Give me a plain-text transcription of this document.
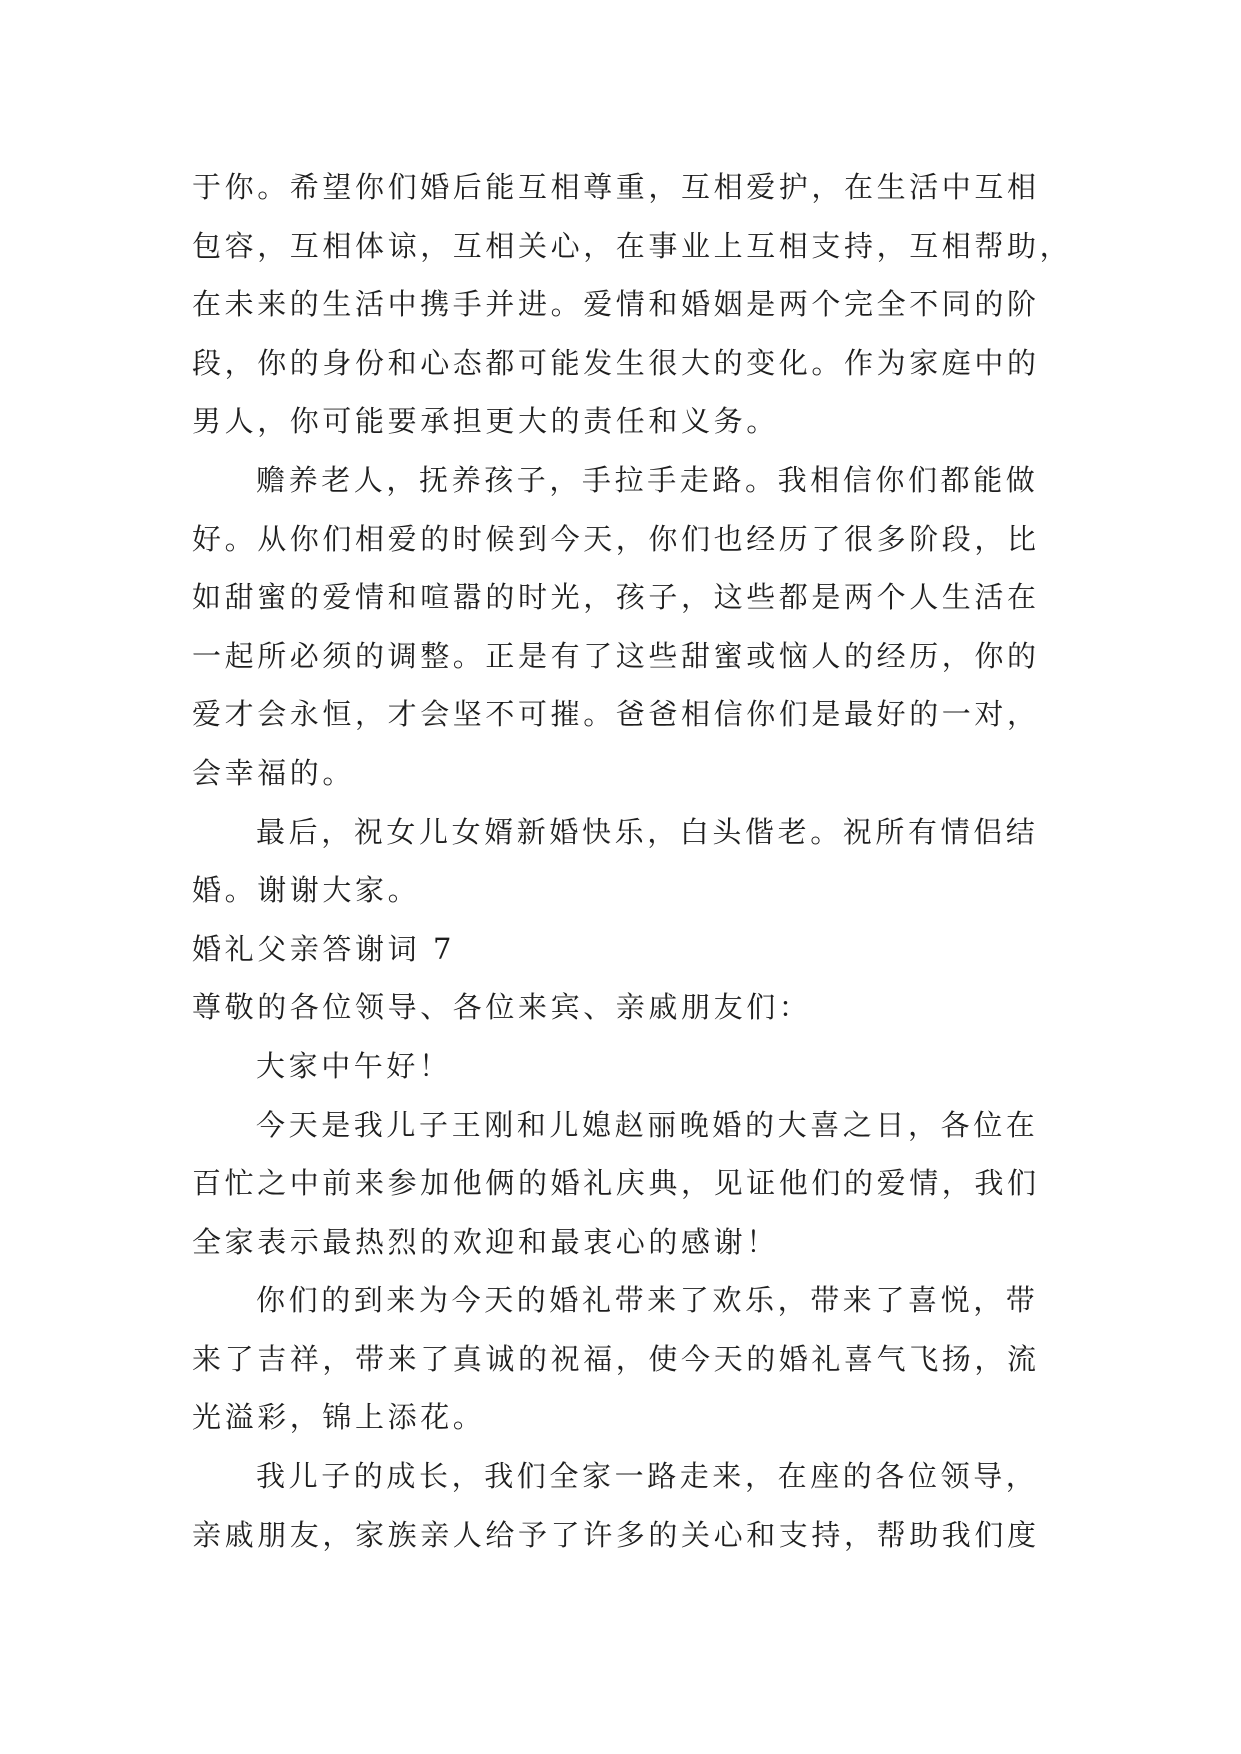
于你。希望你们婚后能互相尊重，互相爱护，在生活中互相
包容，互相体谅，互相关心，在事业上互相支持，互相帮助，
在未来的生活中携手并进。爱情和婚姻是两个完全不同的阶
段，你的身份和心态都可能发生很大的变化。作为家庭中的
男人，你可能要承担更大的责任和义务。
赡养老人，抚养孩子，手拉手走路。我相信你们都能做
好。从你们相爱的时候到今天，你们也经历了很多阶段，比
如甜蜜的爱情和喧嚣的时光，孩子，这些都是两个人生活在
一起所必须的调整。正是有了这些甜蜜或恼人的经历，你的
爱才会永恒，才会坚不可摧。爸爸相信你们是最好的一对，
会幸福的。
最后，祝女儿女婿新婚快乐，白头偕老。祝所有情侣结
婚。谢谢大家。
婚礼父亲答谢词 7
尊敬的各位领导、各位来宾、亲戚朋友们：
大家中午好！
今天是我儿子王刚和儿媳赵丽晚婚的大喜之日，各位在
百忙之中前来参加他俩的婚礼庆典，见证他们的爱情，我们
全家表示最热烈的欢迎和最衷心的感谢！
你们的到来为今天的婚礼带来了欢乐，带来了喜悦，带
来了吉祥，带来了真诚的祝福，使今天的婚礼喜气飞扬，流
光溢彩，锦上添花。
我儿子的成长，我们全家一路走来，在座的各位领导，
亲戚朋友，家族亲人给予了许多的关心和支持，帮助我们度
